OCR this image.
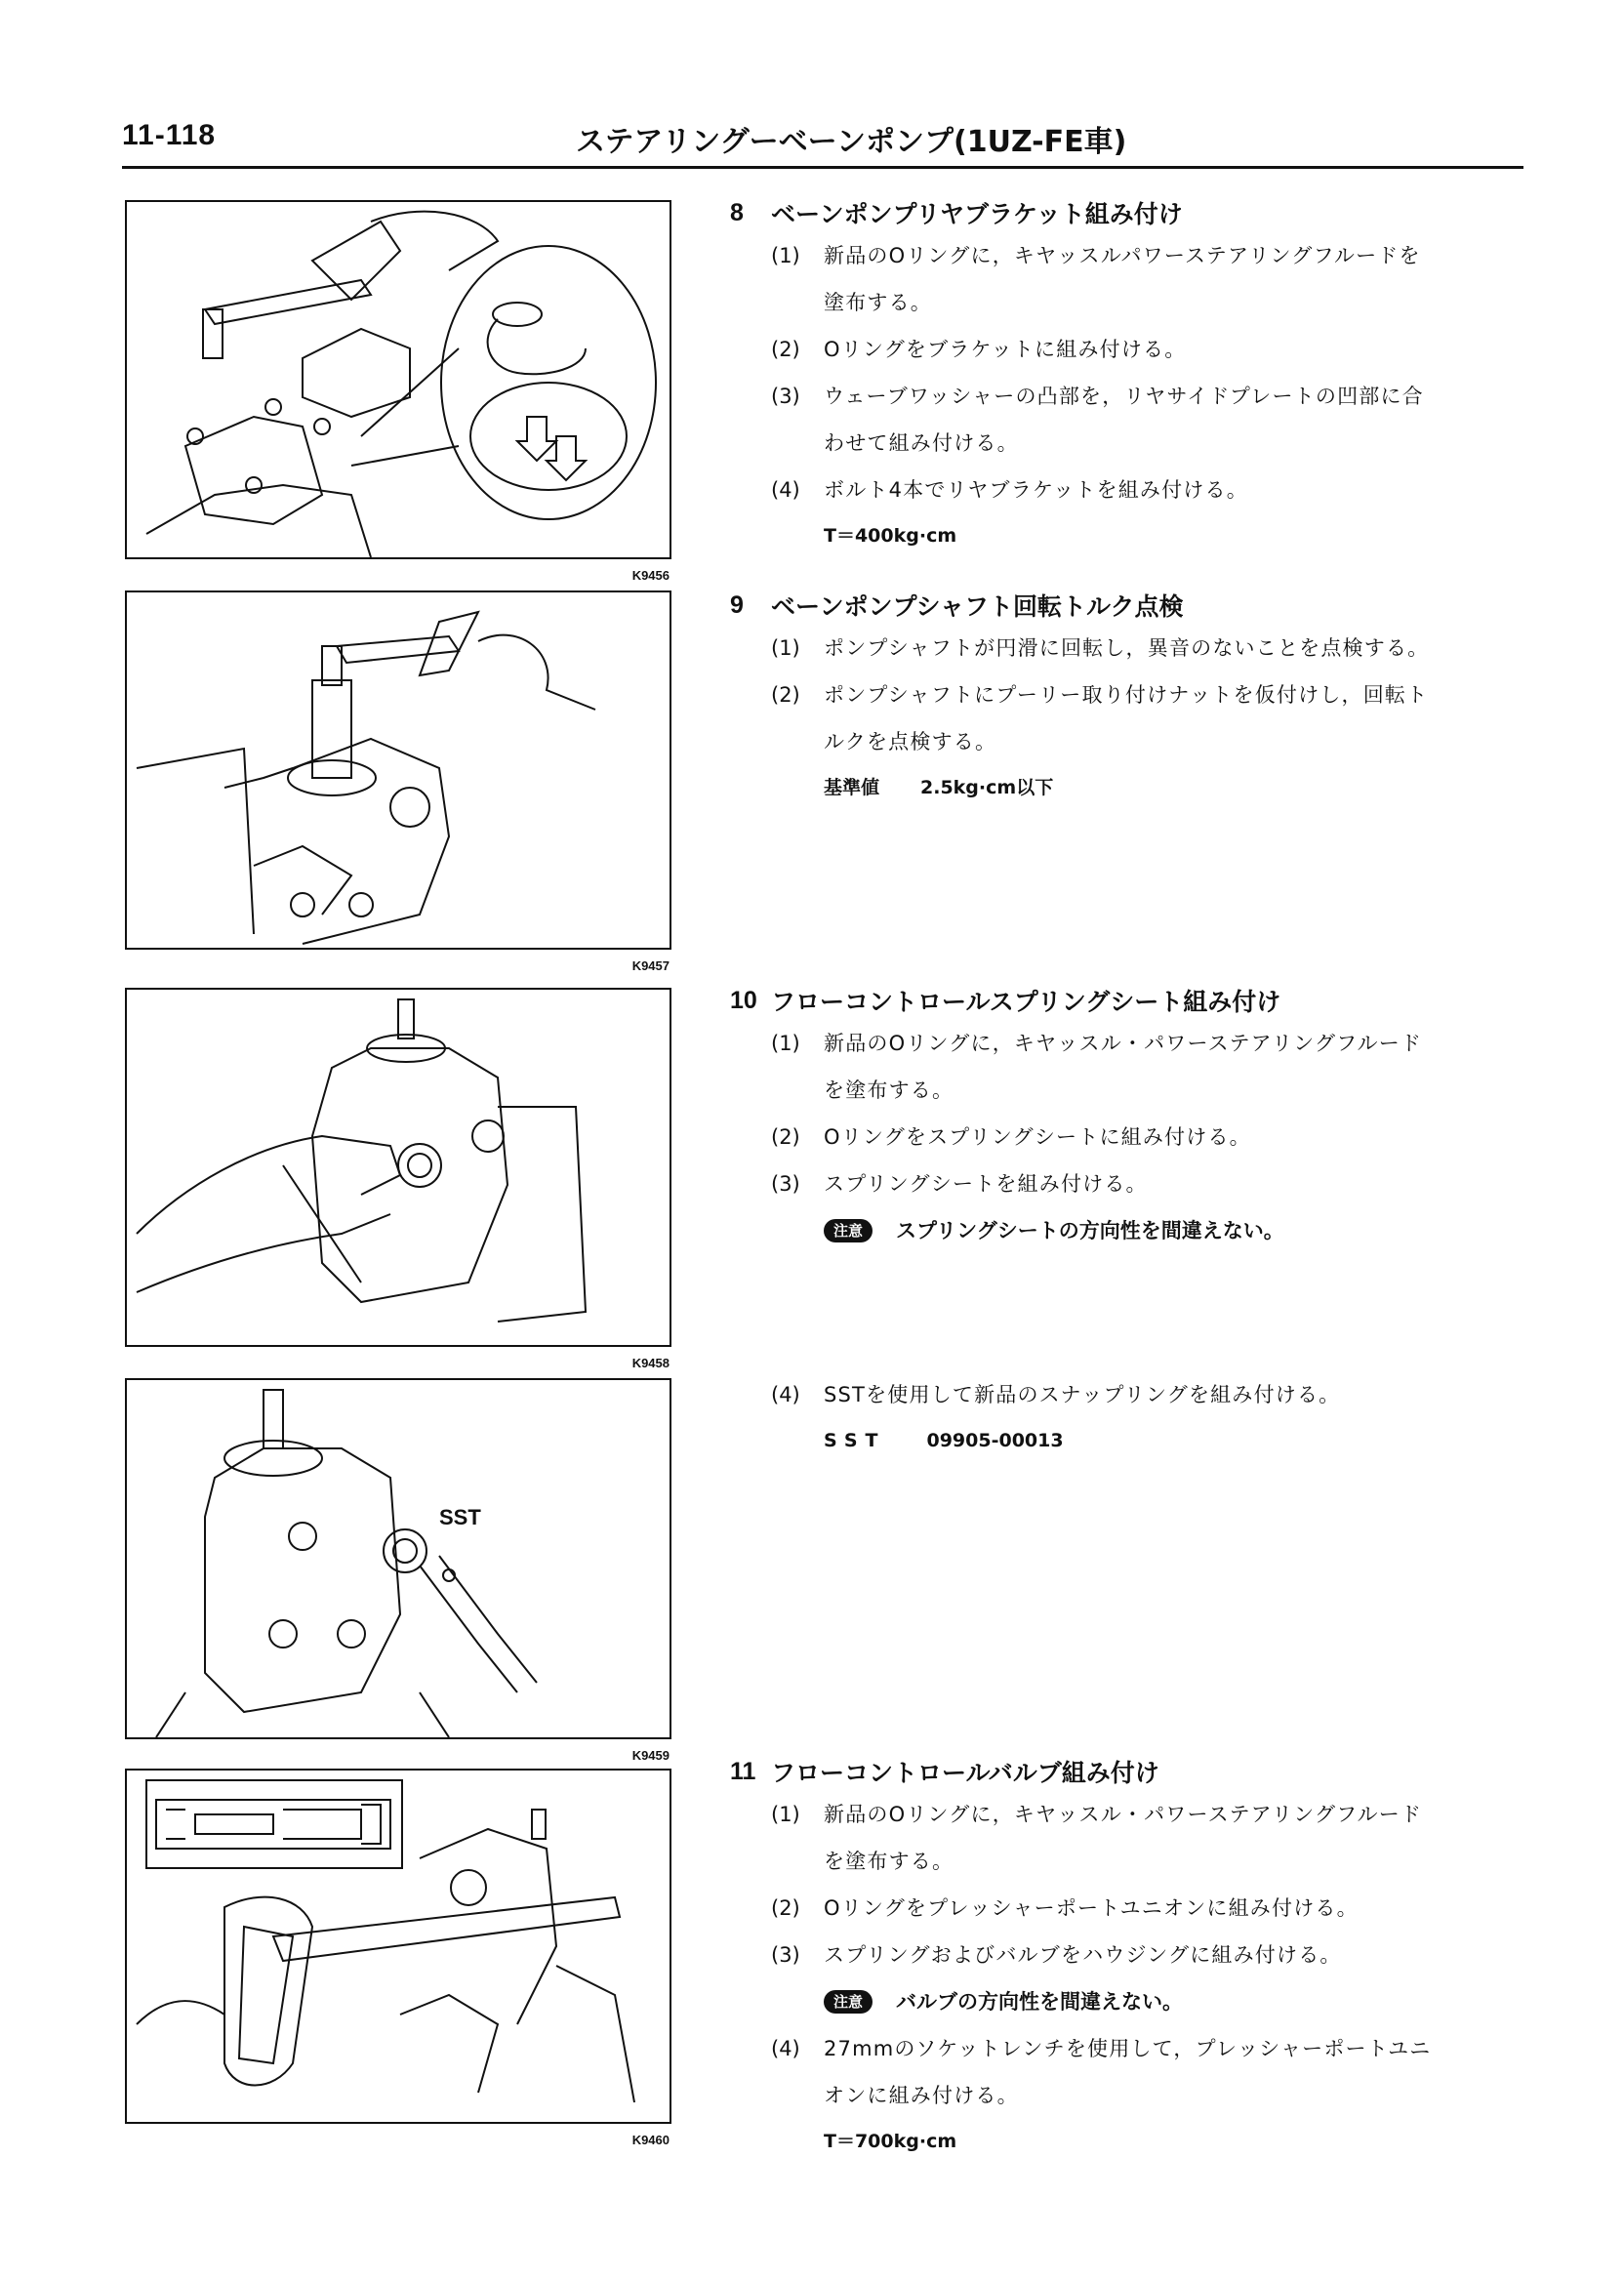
11-118	ステアリングーベーンポンプ(1UZ-FE車)
K9456
K9457
K9458
SST
K9459
K9460
8	ベーンポンプリヤブラケット組み付け
(1)	新品のOリングに，キヤッスルパワーステアリングフルードを
塗布する。
(2)	Oリングをブラケットに組み付ける。
(3)	ウェーブワッシャーの凸部を，リヤサイドプレートの凹部に合
わせて組み付ける。
(4)	ボルト4本でリヤブラケットを組み付ける。
T＝400kg·cm
9	ベーンポンプシャフト回転トルク点検
(1)	ポンプシャフトが円滑に回転し，異音のないことを点検する。
(2)	ポンプシャフトにプーリー取り付けナットを仮付けし，回転ト
ルクを点検する。
基準値 2.5kg·cm以下
10 フローコントロールスプリングシート組み付け
(1)	新品のOリングに，キヤッスル・パワーステアリングフルード
を塗布する。
(2)	Oリングをスプリングシートに組み付ける。
(3)	スプリングシートを組み付ける。
注意	スプリングシートの方向性を間違えない。
(4)	SSTを使用して新品のスナップリングを組み付ける。
SST 09905-00013
11 フローコントロールバルブ組み付け
(1)	新品のOリングに，キヤッスル・パワーステアリングフルード
を塗布する。
(2)	Oリングをプレッシャーポートユニオンに組み付ける。
(3)	スプリングおよびバルブをハウジングに組み付ける。
注意	バルブの方向性を間違えない。
(4)	27mmのソケットレンチを使用して，プレッシャーポートユニ
オンに組み付ける。
T＝700kg·cm
